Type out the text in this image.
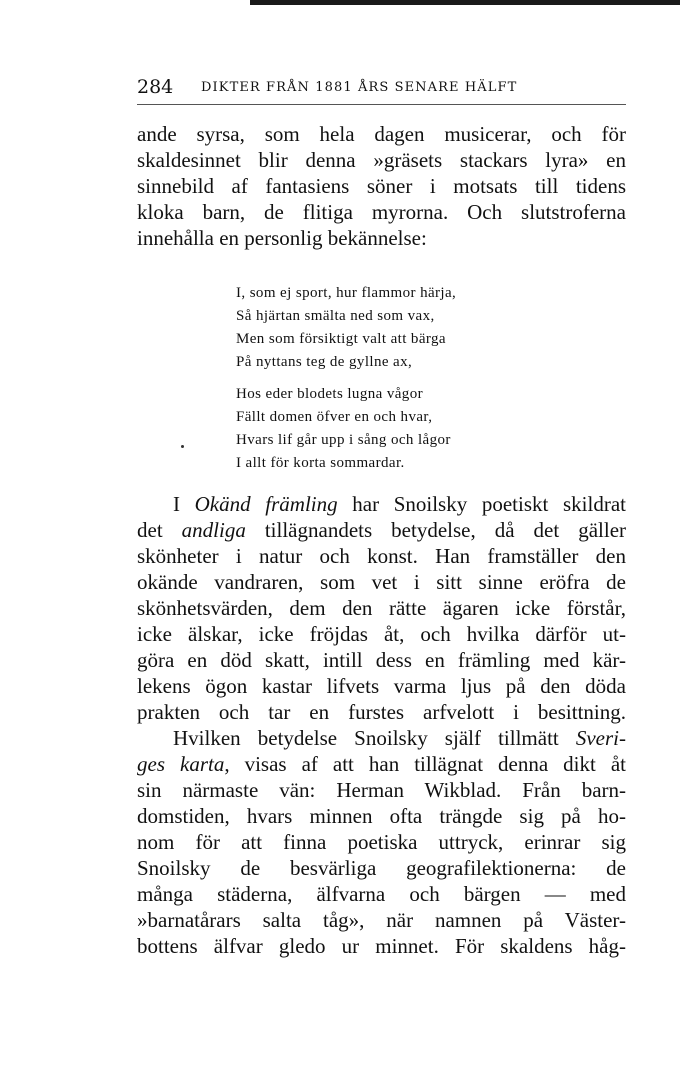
284 DIKTER FRÅN 1881 ÅRS SENARE HÄLFT

ande syrsa, som hela dagen musicerar, och för
skaldesinnet blir denna »gräsets stackars lyra» en
sinnebild af fantasiens söner i motsats till tidens
kloka barn, de flitiga myrorna. Och slutstroferna
innehålla en personlig bekännelse:

I, som ej sport, hur flammor härja,
Så hjärtan smälta ned som vax,
Men som försiktigt valt att bärga
På nyttans teg de gyllne ax,
Hos eder blodets lugna vågor
Fällt domen öfver en och hvar,
Hvars lif går upp i sång och lågor
I allt för korta sommardar.

I Okänd främling har Snoilsky poetiskt skildrat
det andliga tillägnandets betydelse, då det gäller
skönheter i natur och konst. Han framställer den
okände vandraren, som vet i sitt sinne eröfra de
skönhetsvärden, dem den rätte ägaren icke förstår,
icke älskar, icke fröjdas åt, och hvilka därför ut-
göra en död skatt, intill dess en främling med kär-
lekens ögon kastar lifvets varma ljus på den döda
prakten och tar en furstes arfvelott i besittning.

Hvilken betydelse Snoilsky själf tillmätt Sveri-
ges karta, visas af att han tillägnat denna dikt åt
sin närmaste vän: Herman Wikblad. Från barn-
domstiden, hvars minnen ofta trängde sig på ho-
nom för att finna poetiska uttryck, erinrar sig
Snoilsky de besvärliga geografilektionerna: de
många städerna, älfvarna och bärgen — med
»barnatårars salta tåg», när namnen på Väster-
bottens älfvar gledo ur minnet. För skaldens håg-
